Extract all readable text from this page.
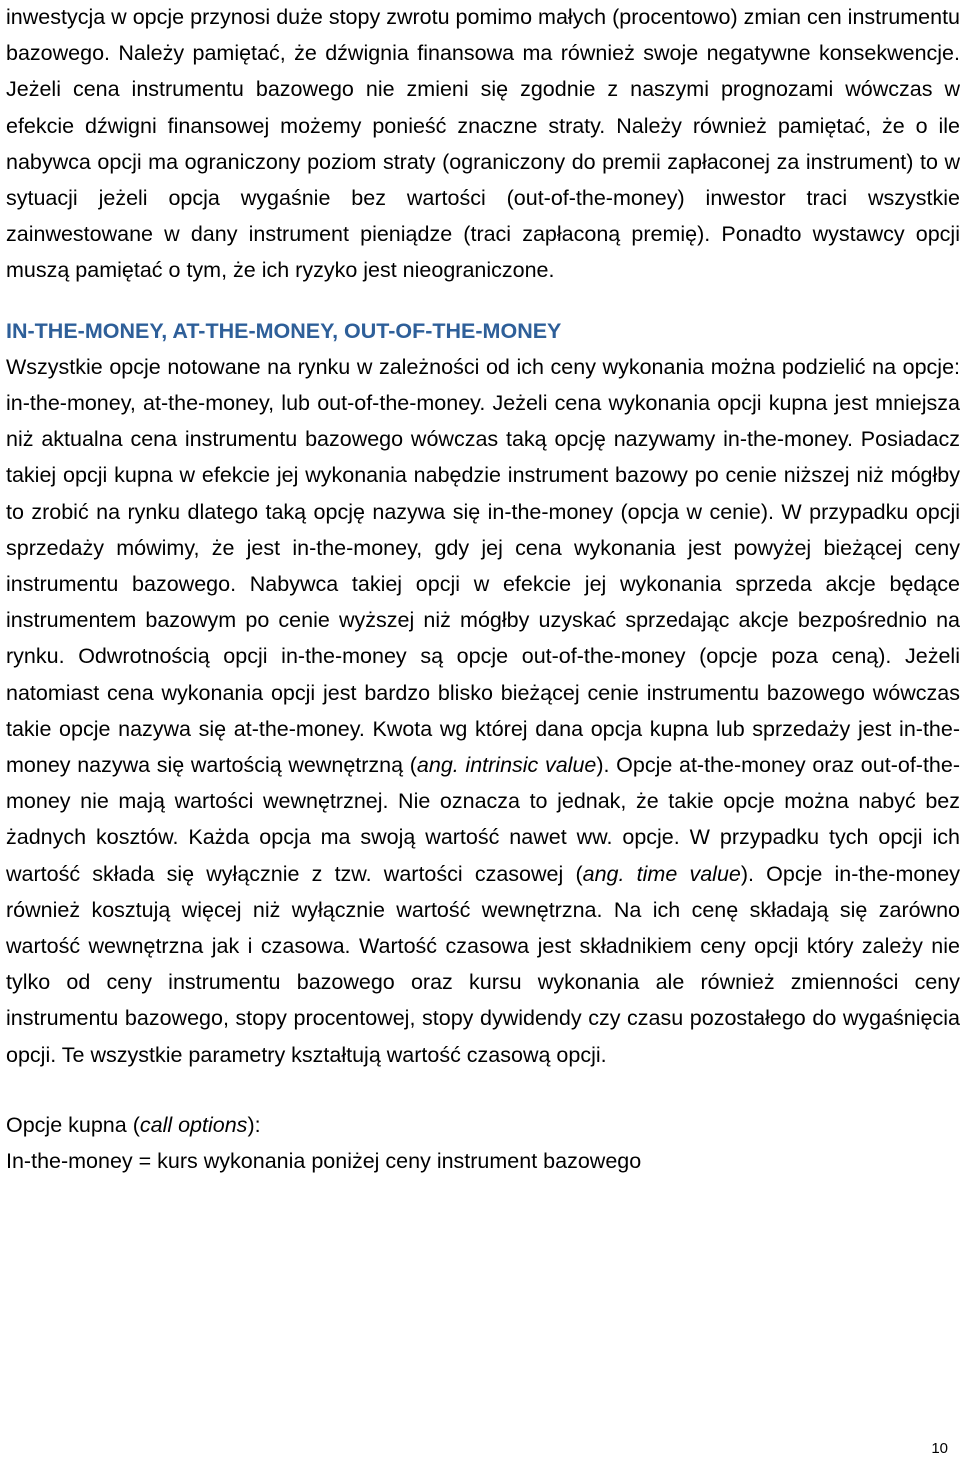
inwestycja w opcje przynosi duże stopy zwrotu pomimo małych (procentowo) zmian cen instrumentu bazowego. Należy pamiętać, że dźwignia finansowa ma również swoje negatywne konsekwencje. Jeżeli cena instrumentu bazowego nie zmieni się zgodnie z naszymi prognozami wówczas w efekcie dźwigni finansowej możemy ponieść znaczne straty. Należy również pamiętać, że o ile nabywca opcji ma ograniczony poziom straty (ograniczony do premii zapłaconej za instrument) to w sytuacji jeżeli opcja wygaśnie bez wartości (out-of-the-money) inwestor traci wszystkie zainwestowane w dany instrument pieniądze (traci zapłaconą premię). Ponadto wystawcy opcji muszą pamiętać o tym, że ich ryzyko jest nieograniczone.

IN-THE-MONEY, AT-THE-MONEY, OUT-OF-THE-MONEY

Wszystkie opcje notowane na rynku w zależności od ich ceny wykonania można podzielić na opcje: in-the-money, at-the-money, lub out-of-the-money. Jeżeli cena wykonania opcji kupna jest mniejsza niż aktualna cena instrumentu bazowego wówczas taką opcję nazywamy in-the-money. Posiadacz takiej opcji kupna w efekcie jej wykonania nabędzie instrument bazowy po cenie niższej niż mógłby to zrobić na rynku dlatego taką opcję nazywa się in-the-money (opcja w cenie). W przypadku opcji sprzedaży mówimy, że jest in-the-money, gdy jej cena wykonania jest powyżej bieżącej ceny instrumentu bazowego. Nabywca takiej opcji w efekcie jej wykonania sprzeda akcje będące instrumentem bazowym po cenie wyższej niż mógłby uzyskać sprzedając akcje bezpośrednio na rynku. Odwrotnością opcji in-the-money są opcje out-of-the-money (opcje poza ceną). Jeżeli natomiast cena wykonania opcji jest bardzo blisko bieżącej cenie instrumentu bazowego wówczas takie opcje nazywa się at-the-money. Kwota wg której dana opcja kupna lub sprzedaży jest in-the-money nazywa się wartością wewnętrzną (ang. intrinsic value). Opcje at-the-money oraz out-of-the-money nie mają wartości wewnętrznej. Nie oznacza to jednak, że takie opcje można nabyć bez żadnych kosztów. Każda opcja ma swoją wartość nawet ww. opcje. W przypadku tych opcji ich wartość składa się wyłącznie z tzw. wartości czasowej (ang. time value). Opcje in-the-money również kosztują więcej niż wyłącznie wartość wewnętrzna. Na ich cenę składają się zarówno wartość wewnętrzna jak i czasowa. Wartość czasowa jest składnikiem ceny opcji który zależy nie tylko od ceny instrumentu bazowego oraz kursu wykonania ale również zmienności ceny instrumentu bazowego, stopy procentowej, stopy dywidendy czy czasu pozostałego do wygaśnięcia opcji. Te wszystkie parametry kształtują wartość czasową opcji.

Opcje kupna (call options):
In-the-money = kurs wykonania poniżej ceny instrument bazowego
10
